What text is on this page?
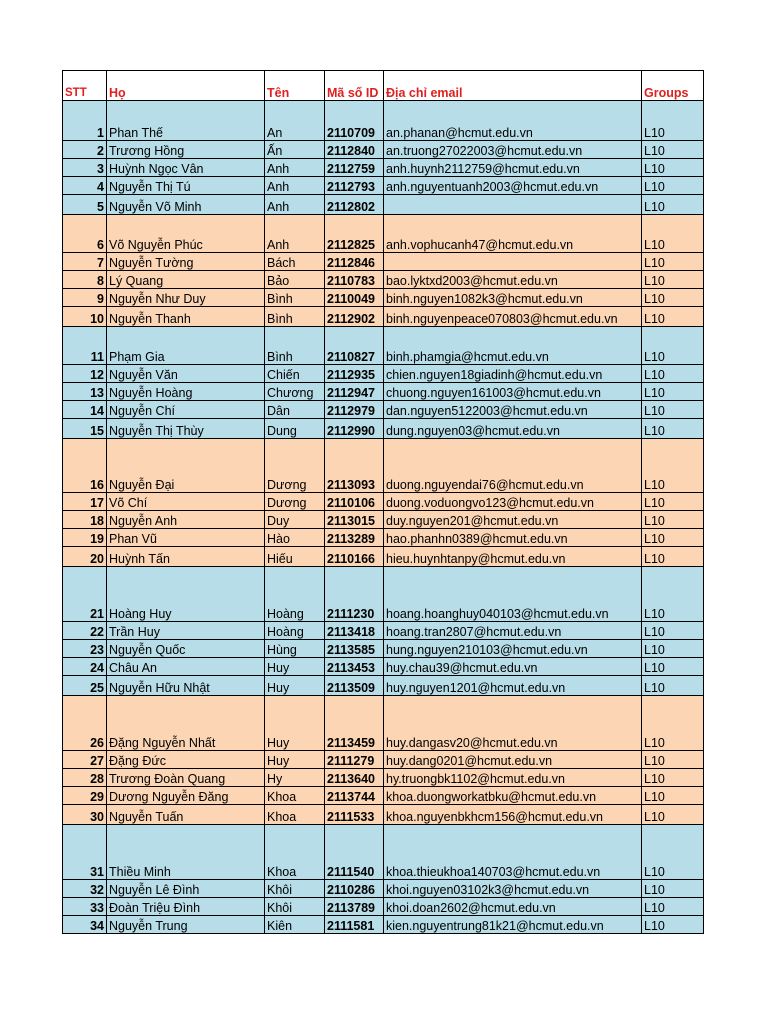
STT	Họ	Tên	Mã số ID	Địa chỉ email	Groups
1	Phan Thế	An	2110709	an.phanan@hcmut.edu.vn	L10
2	Trương Hồng	Ấn	2112840	an.truong27022003@hcmut.edu.vn	L10
3	Huỳnh Ngọc Vân	Anh	2112759	anh.huynh2112759@hcmut.edu.vn	L10
4	Nguyễn Thị Tú	Anh	2112793	anh.nguyentuanh2003@hcmut.edu.vn	L10
5	Nguyễn Võ Minh	Anh	2112802		L10
6	Võ Nguyễn Phúc	Anh	2112825	anh.vophucanh47@hcmut.edu.vn	L10
7	Nguyễn Tường	Bách	2112846		L10
8	Lý Quang	Bảo	2110783	bao.lyktxd2003@hcmut.edu.vn	L10
9	Nguyễn Như Duy	Bình	2110049	binh.nguyen1082k3@hcmut.edu.vn	L10
10	Nguyễn Thanh	Bình	2112902	binh.nguyenpeace070803@hcmut.edu.vn	L10
11	Phạm Gia	Bình	2110827	binh.phamgia@hcmut.edu.vn	L10
12	Nguyễn Văn	Chiến	2112935	chien.nguyen18giadinh@hcmut.edu.vn	L10
13	Nguyễn Hoàng	Chương	2112947	chuong.nguyen161003@hcmut.edu.vn	L10
14	Nguyễn Chí	Dân	2112979	dan.nguyen5122003@hcmut.edu.vn	L10
15	Nguyễn Thị Thùy	Dung	2112990	dung.nguyen03@hcmut.edu.vn	L10
16	Nguyễn Đại	Dương	2113093	duong.nguyendai76@hcmut.edu.vn	L10
17	Võ Chí	Dương	2110106	duong.voduongvo123@hcmut.edu.vn	L10
18	Nguyễn Anh	Duy	2113015	duy.nguyen201@hcmut.edu.vn	L10
19	Phan Vũ	Hào	2113289	hao.phanhn0389@hcmut.edu.vn	L10
20	Huỳnh Tấn	Hiếu	2110166	hieu.huynhtanpy@hcmut.edu.vn	L10
21	Hoàng Huy	Hoàng	2111230	hoang.hoanghuy040103@hcmut.edu.vn	L10
22	Trần Huy	Hoàng	2113418	hoang.tran2807@hcmut.edu.vn	L10
23	Nguyễn Quốc	Hùng	2113585	hung.nguyen210103@hcmut.edu.vn	L10
24	Châu An	Huy	2113453	huy.chau39@hcmut.edu.vn	L10
25	Nguyễn Hữu Nhật	Huy	2113509	huy.nguyen1201@hcmut.edu.vn	L10
26	Đặng Nguyễn Nhất	Huy	2113459	huy.dangasv20@hcmut.edu.vn	L10
27	Đặng Đức	Huy	2111279	huy.dang0201@hcmut.edu.vn	L10
28	Trương Đoàn Quang	Hy	2113640	hy.truongbk1102@hcmut.edu.vn	L10
29	Dương Nguyễn Đăng	Khoa	2113744	khoa.duongworkatbku@hcmut.edu.vn	L10
30	Nguyễn Tuấn	Khoa	2111533	khoa.nguyenbkhcm156@hcmut.edu.vn	L10
31	Thiều Minh	Khoa	2111540	khoa.thieukhoa140703@hcmut.edu.vn	L10
32	Nguyễn Lê Đình	Khôi	2110286	khoi.nguyen03102k3@hcmut.edu.vn	L10
33	Đoàn Triệu Đình	Khôi	2113789	khoi.doan2602@hcmut.edu.vn	L10
34	Nguyễn Trung	Kiên	2111581	kien.nguyentrung81k21@hcmut.edu.vn	L10
